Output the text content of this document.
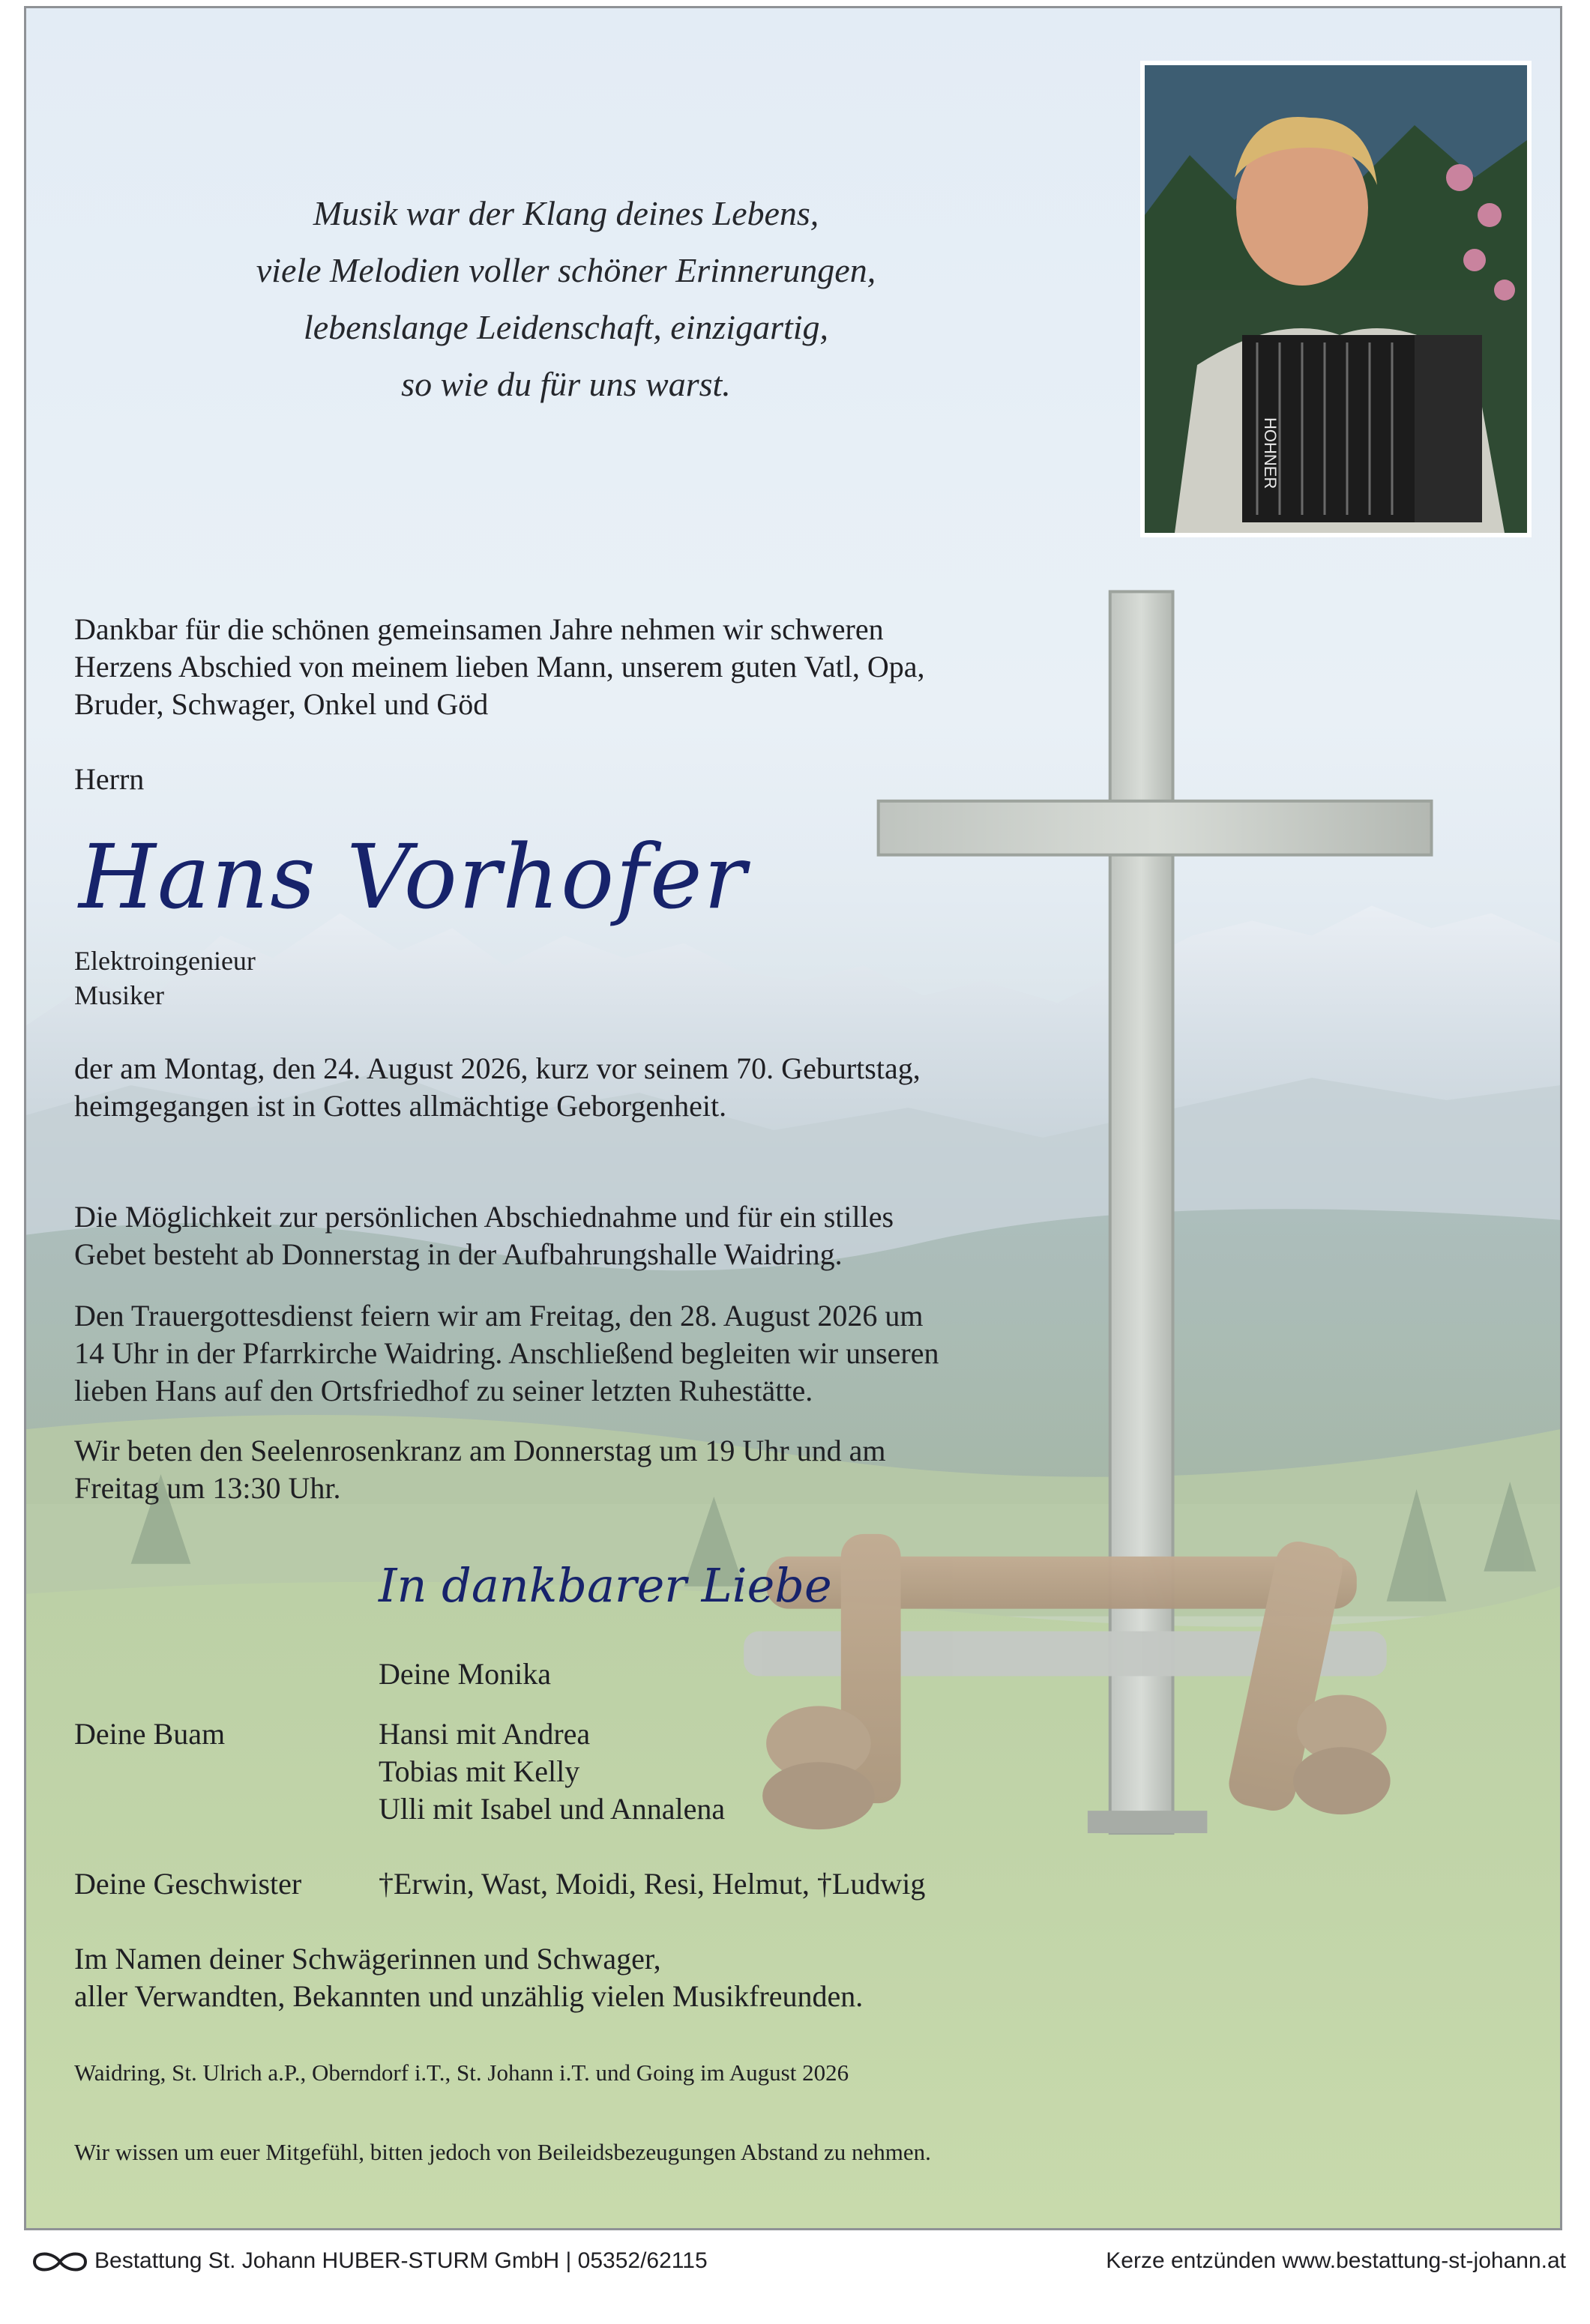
HOHNER
Musik war der Klang deines Lebens,
viele Melodien voller schöner Erinnerungen,
lebenslange Leidenschaft, einzigartig,
so wie du für uns warst.
Dankbar für die schönen gemeinsamen Jahre nehmen wir schweren
Herzens Abschied von meinem lieben Mann, unserem guten Vatl, Opa,
Bruder, Schwager, Onkel und Göd
Herrn
Hans Vorhofer
Elektroingenieur
Musiker
der am Montag, den 24. August 2026, kurz vor seinem 70. Geburtstag,
heimgegangen ist in Gottes allmächtige Geborgenheit.
Die Möglichkeit zur persönlichen Abschiednahme und für ein stilles
Gebet besteht ab Donnerstag in der Aufbahrungshalle Waidring.
Den Trauergottesdienst feiern wir am Freitag, den 28. August 2026 um
14 Uhr in der Pfarrkirche Waidring. Anschließend begleiten wir unseren
lieben Hans auf den Ortsfriedhof zu seiner letzten Ruhestätte.
Wir beten den Seelenrosenkranz am Donnerstag um 19 Uhr und am
Freitag um 13:30 Uhr.
In dankbarer Liebe
Deine Monika
Deine Buam	Hansi mit Andrea
Tobias mit Kelly
Ulli mit Isabel und Annalena
Deine Geschwister	†Erwin, Wast, Moidi, Resi, Helmut, †Ludwig
Im Namen deiner Schwägerinnen und Schwager,
aller Verwandten, Bekannten und unzählig vielen Musikfreunden.
Waidring, St. Ulrich a.P., Oberndorf i.T., St. Johann i.T. und Going im August 2026
Wir wissen um euer Mitgefühl, bitten jedoch von Beileidsbezeugungen Abstand zu nehmen.
Bestattung St. Johann HUBER-STURM GmbH | 05352/62115	Kerze entzünden www.bestattung-st-johann.at
